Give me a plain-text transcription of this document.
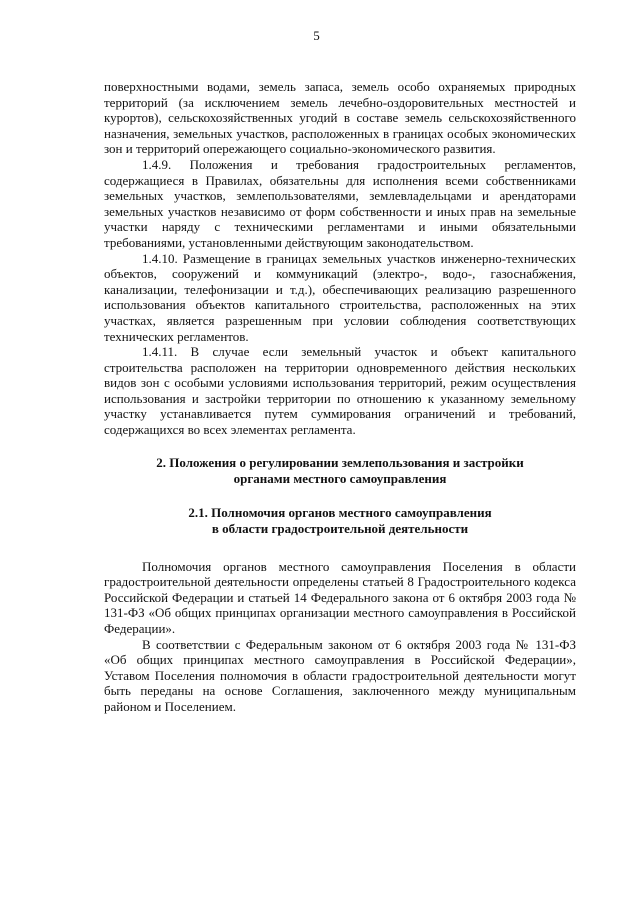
5

поверхностными водами, земель запаса, земель особо охраняемых природных территорий (за исключением земель лечебно-оздоровительных местностей и курортов), сельскохозяйственных угодий в составе земель сельскохозяйственного назначения, земельных участков, расположенных в границах особых экономических зон и территорий опережающего социально-экономического развития.

1.4.9. Положения и требования градостроительных регламентов, содержащиеся в Правилах, обязательны для исполнения всеми собственниками земельных участков, землепользователями, землевладельцами и арендаторами земельных участков независимо от форм собственности и иных прав на земельные участки наряду с техническими регламентами и иными обязательными требованиями, установленными действующим законодательством.

1.4.10. Размещение в границах земельных участков инженерно-технических объектов, сооружений и коммуникаций (электро-, водо-, газоснабжения, канализации, телефонизации и т.д.), обеспечивающих реализацию разрешенного использования объектов капитального строительства, расположенных на этих участках, является разрешенным при условии соблюдения соответствующих технических регламентов.

1.4.11. В случае если земельный участок и объект капитального строительства расположен на территории одновременного действия нескольких видов зон с особыми условиями использования территорий, режим осуществления использования и застройки территории по отношению к указанному земельному участку устанавливается путем суммирования ограничений и требований, содержащихся во всех элементах регламента.

2. Положения о регулировании землепользования и застройки
органами местного самоуправления
2.1. Полномочия органов местного самоуправления
в области градостроительной деятельности

Полномочия органов местного самоуправления Поселения в области градостроительной деятельности определены статьей 8 Градостроительного кодекса Российской Федерации и статьей 14 Федерального закона от 6 октября 2003 года № 131-ФЗ «Об общих принципах организации местного самоуправления в Российской Федерации».

В соответствии с Федеральным законом от 6 октября 2003 года № 131-ФЗ «Об общих принципах местного самоуправления в Российской Федерации», Уставом Поселения полномочия в области градостроительной деятельности могут быть переданы на основе Соглашения, заключенного между муниципальным районом и Поселением.
